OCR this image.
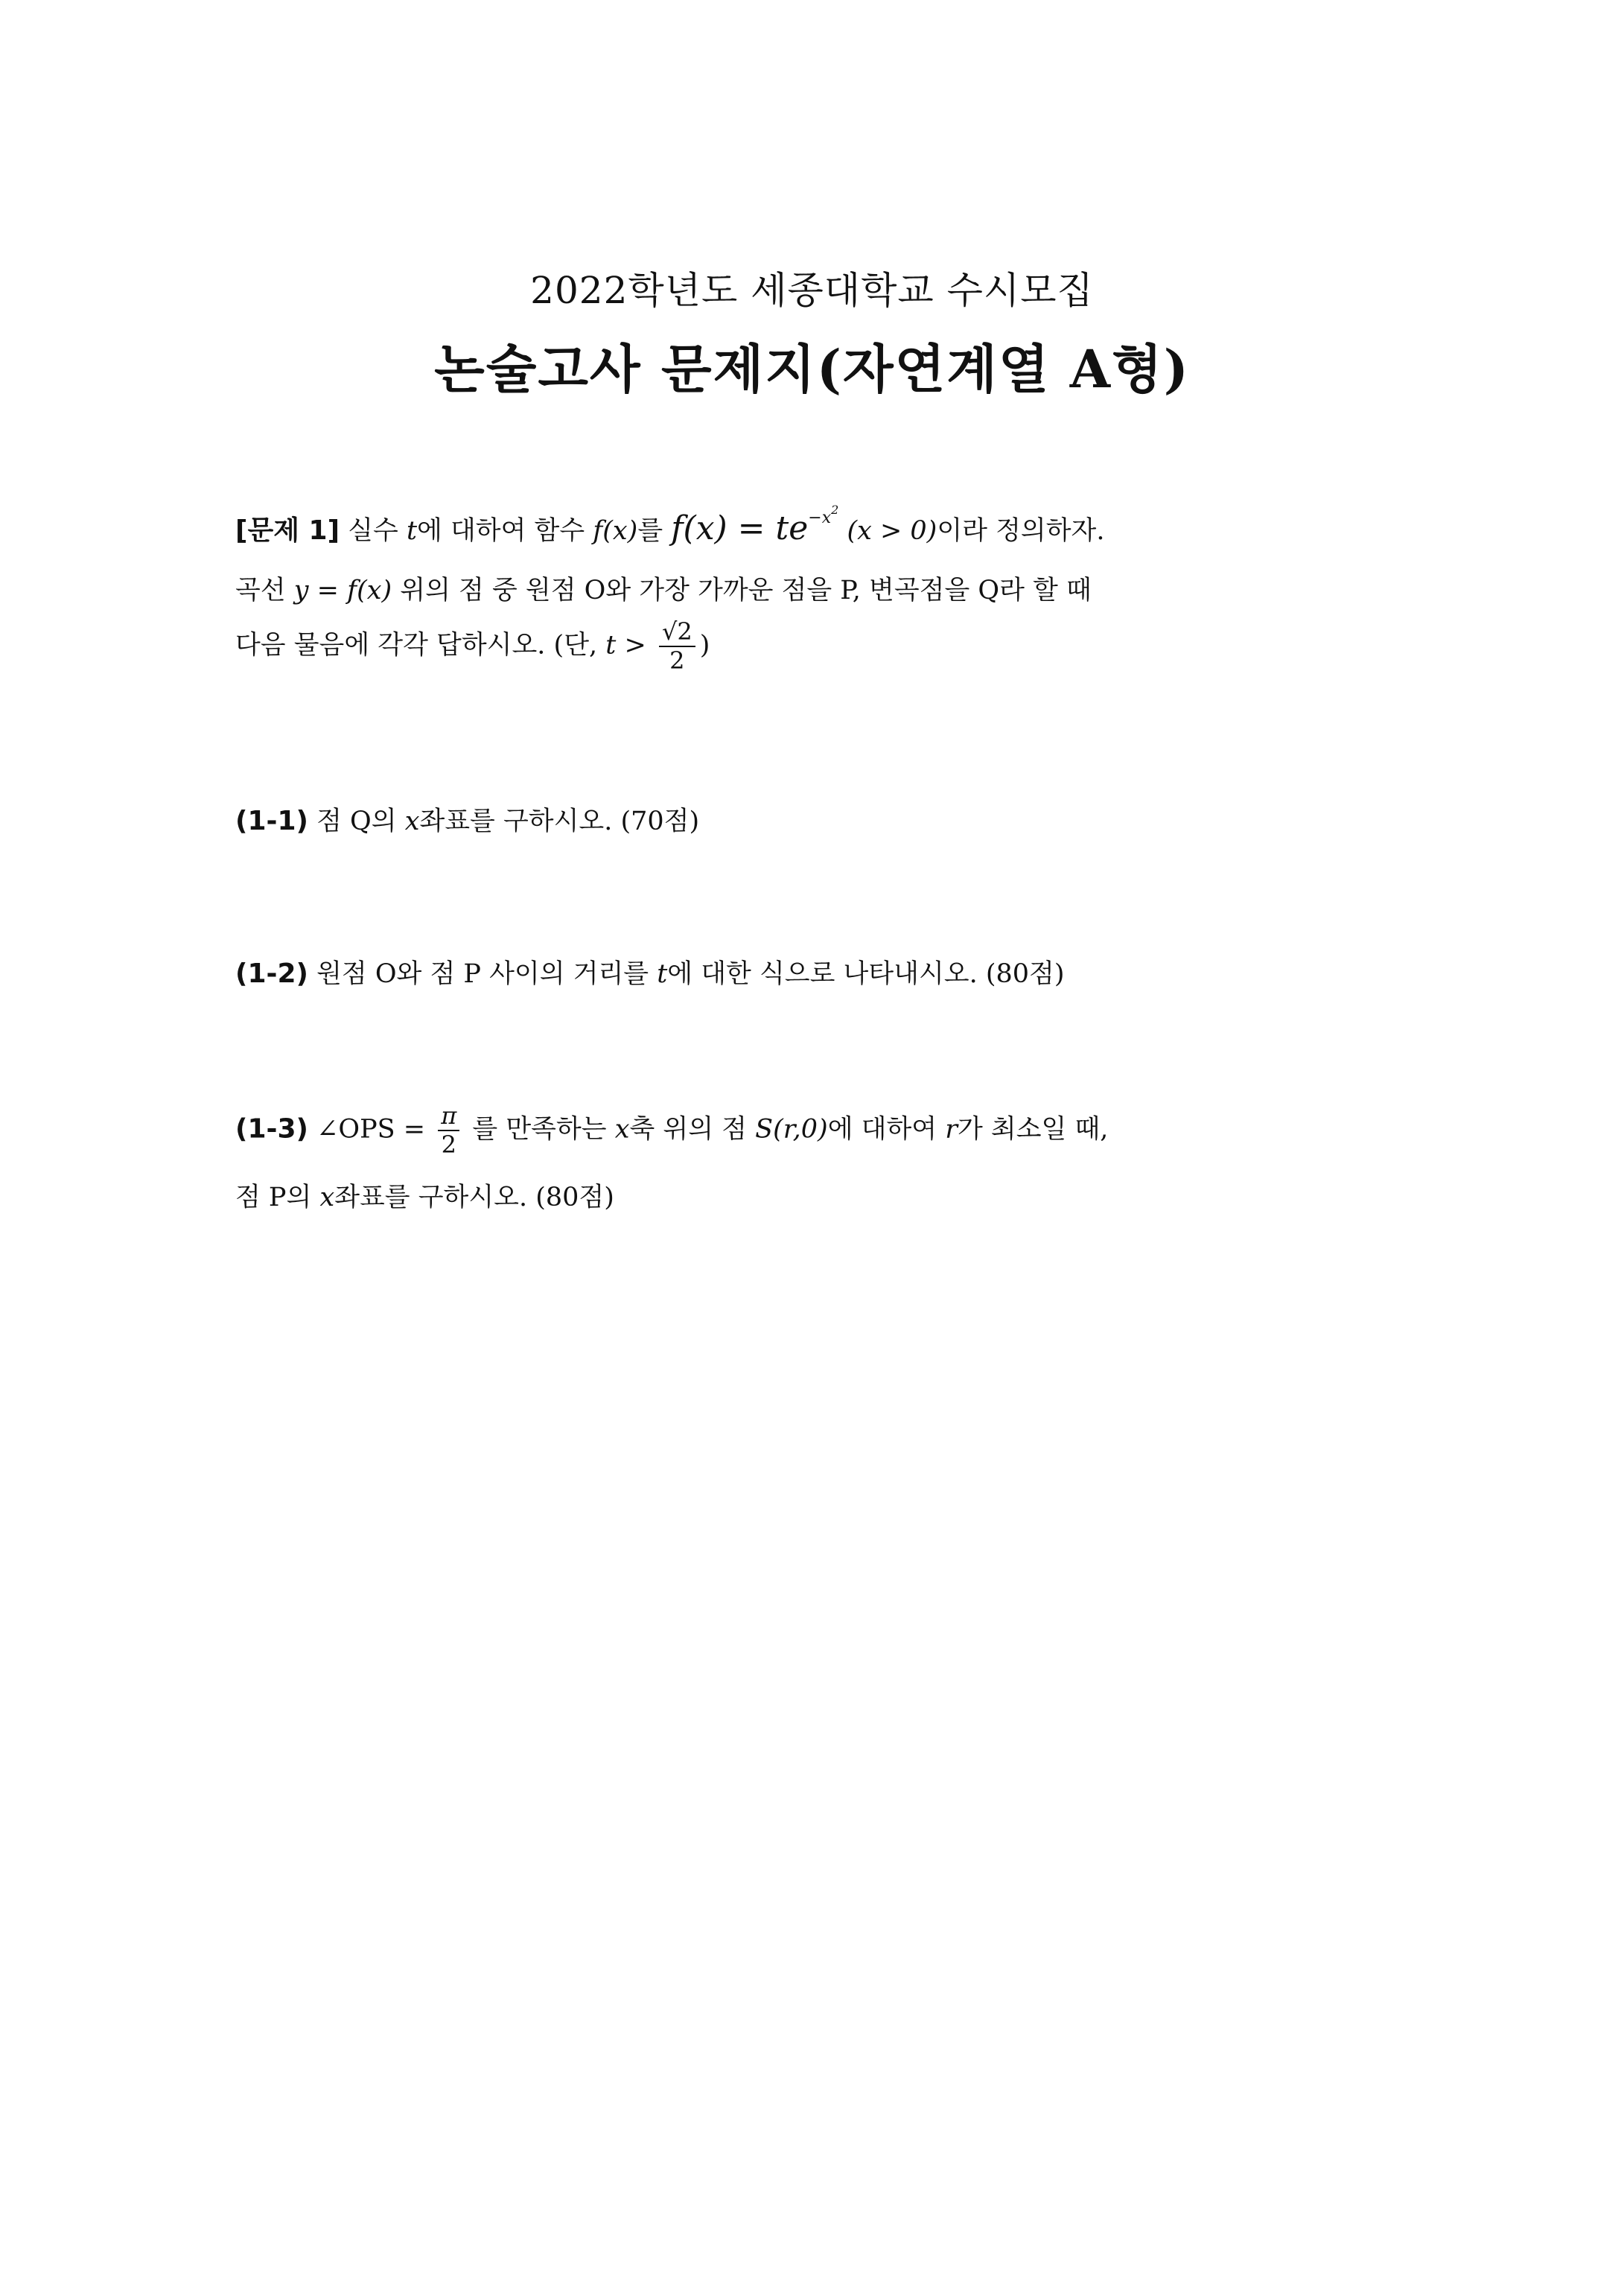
2022학년도 세종대학교 수시모집
논술고사 문제지(자연계열 A형)
[문제 1] 실수 t에 대하여 함수 f(x)를 $f(x) = te^{-x^2}$ (x > 0)이라 정의하자.
곡선 y = f(x) 위의 점 중 원점 O와 가장 가까운 점을 P, 변곡점을 Q라 할 때
다음 물음에 각각 답하시오. (단, $t > \frac{√2}{2}$ )
(1-1) 점 Q의 x좌표를 구하시오. (70점)
(1-2) 원점 O와 점 P 사이의 거리를 t에 대한 식으로 나타내시오. (80점)
(1-3) ∠OPS = $\frac{\pi}{2}$ 를 만족하는 x축 위의 점 S(r,0)에 대하여 r가 최소일 때,
점 P의 x좌표를 구하시오. (80점)
